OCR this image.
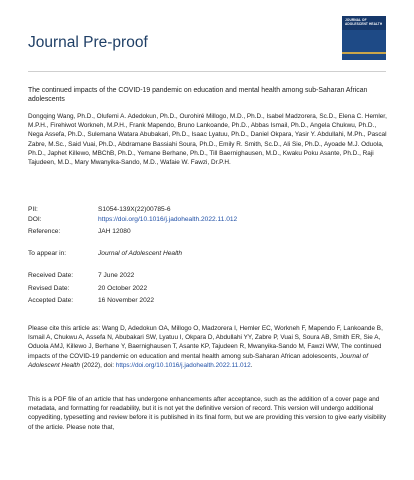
Journal Pre-proof
JOURNAL OF ADOLESCENT HEALTH
The continued impacts of the COVID-19 pandemic on education and mental health among sub-Saharan African adolescents
Dongqing Wang, Ph.D., Olufemi A. Adedokun, Ph.D., Ourohiré Millogo, M.D., Ph.D., Isabel Madzorera, Sc.D., Elena C. Hemler, M.P.H., Firehiwot Workneh, M.P.H., Frank Mapendo, Bruno Lankoande, Ph.D., Abbas Ismail, Ph.D., Angela Chukwu, Ph.D., Nega Assefa, Ph.D., Sulemana Watara Abubakari, Ph.D., Isaac Lyatuu, Ph.D., Daniel Okpara, Yasir Y. Abdullahi, M.Ph., Pascal Zabre, M.Sc., Said Vuai, Ph.D., Abdramane Bassiahi Soura, Ph.D., Emily R. Smith, Sc.D., Ali Sie, Ph.D., Ayoade M.J. Oduola, Ph.D., Japhet Killewo, MBChB, Ph.D., Yemane Berhane, Ph.D., Till Baernighausen, M.D., Kwaku Poku Asante, Ph.D., Raji Tajudeen, M.D., Mary Mwanyika-Sando, M.D., Wafaie W. Fawzi, Dr.P.H.
PII:	S1054-139X(22)00785-6
DOI:	https://doi.org/10.1016/j.jadohealth.2022.11.012
Reference:	JAH 12080
To appear in:	Journal of Adolescent Health
Received Date:	7 June 2022
Revised Date:	20 October 2022
Accepted Date:	16 November 2022
Please cite this article as: Wang D, Adedokun OA, Millogo O, Madzorera I, Hemler EC, Workneh F, Mapendo F, Lankoande B, Ismail A, Chukwu A, Assefa N, Abubakari SW, Lyatuu I, Okpara D, Abdullahi YY, Zabre P, Vuai S, Soura AB, Smith ER, Sie A, Oduola AMJ, Killewo J, Berhane Y, Baernighausen T, Asante KP, Tajudeen R, Mwanyika-Sando M, Fawzi WW, The continued impacts of the COVID-19 pandemic on education and mental health among sub-Saharan African adolescents, Journal of Adolescent Health (2022), doi: https://doi.org/10.1016/j.jadohealth.2022.11.012.
This is a PDF file of an article that has undergone enhancements after acceptance, such as the addition of a cover page and metadata, and formatting for readability, but it is not yet the definitive version of record. This version will undergo additional copyediting, typesetting and review before it is published in its final form, but we are providing this version to give early visibility of the article. Please note that,
